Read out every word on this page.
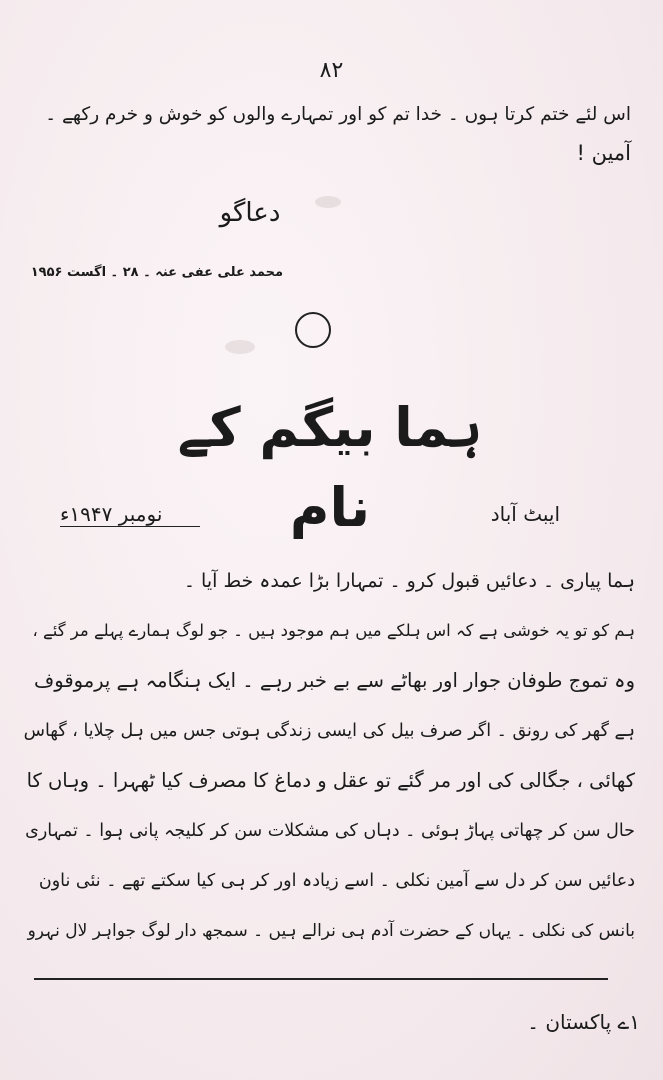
۸۲
اس لئے ختم کرتا ہوں ۔ خدا تم کو اور تمہارے والوں کو خوش و خرم رکھے ۔
آمین !
دعاگو
محمد علی عفی عنہ ۔ ۲۸ ۔ اگست ۱۹۵۶
ہما بیگم کے نام	ایبٹ آباد
نومبر ۱۹۴۷ء
ہما پیاری ۔ دعائیں قبول کرو ۔ تمہارا بڑا عمدہ خط آیا ۔
ہم کو تو یہ خوشی ہے کہ اس ہلکے میں ہم موجود ہیں ۔ جو لوگ ہمارے پہلے مر گئے ،
وہ تموج طوفان جوار اور بھاٹے سے بے خبر رہے ۔ ایک ہنگامہ ہے پرموقوف
ہے گھر کی رونق ۔ اگر صرف بیل کی ایسی زندگی ہوتی جس میں ہل چلایا ، گھاس
کھائی ، جگالی کی اور مر گئے تو عقل و دماغ کا مصرف کیا ٹھہرا ۔ وہاں کا
حال سن کر چھاتی پہاڑ ہوئی ۔ دہاں کی مشکلات سن کر کلیجہ پانی ہوا ۔ تمہاری
دعائیں سن کر دل سے آمین نکلی ۔ اسے زیادہ اور کر ہی کیا سکتے تھے ۔ نئی ناون
بانس کی نکلی ۔ یہاں کے حضرت آدم ہی نرالے ہیں ۔ سمجھ دار لوگ جواہر لال نہرو
۱ے پاکستان ۔
